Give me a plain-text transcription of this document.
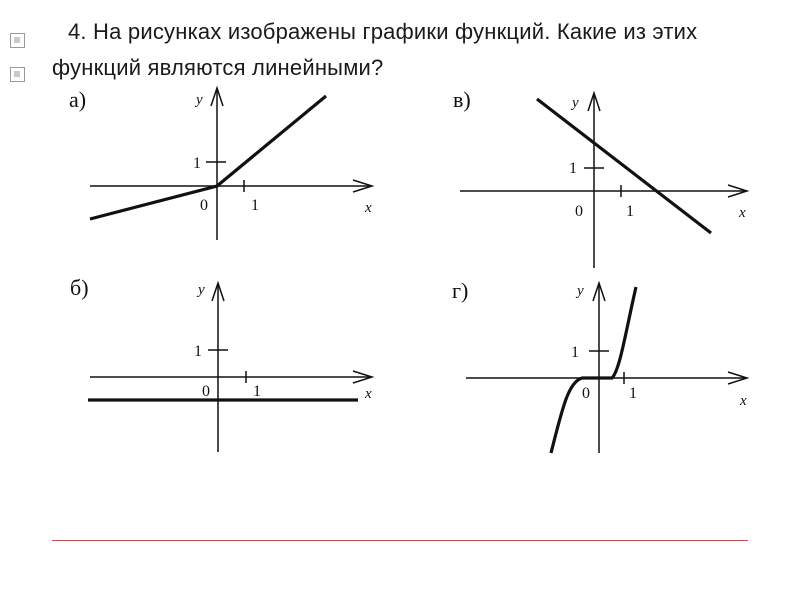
4. На рисунках изображены графики функций. Какие из этих
функций являются линейными?
а)	y
x
1
1
0
в)	y
x
1
1
0
б)	y
x
1
1
0
г)	y
x
1
1
0
